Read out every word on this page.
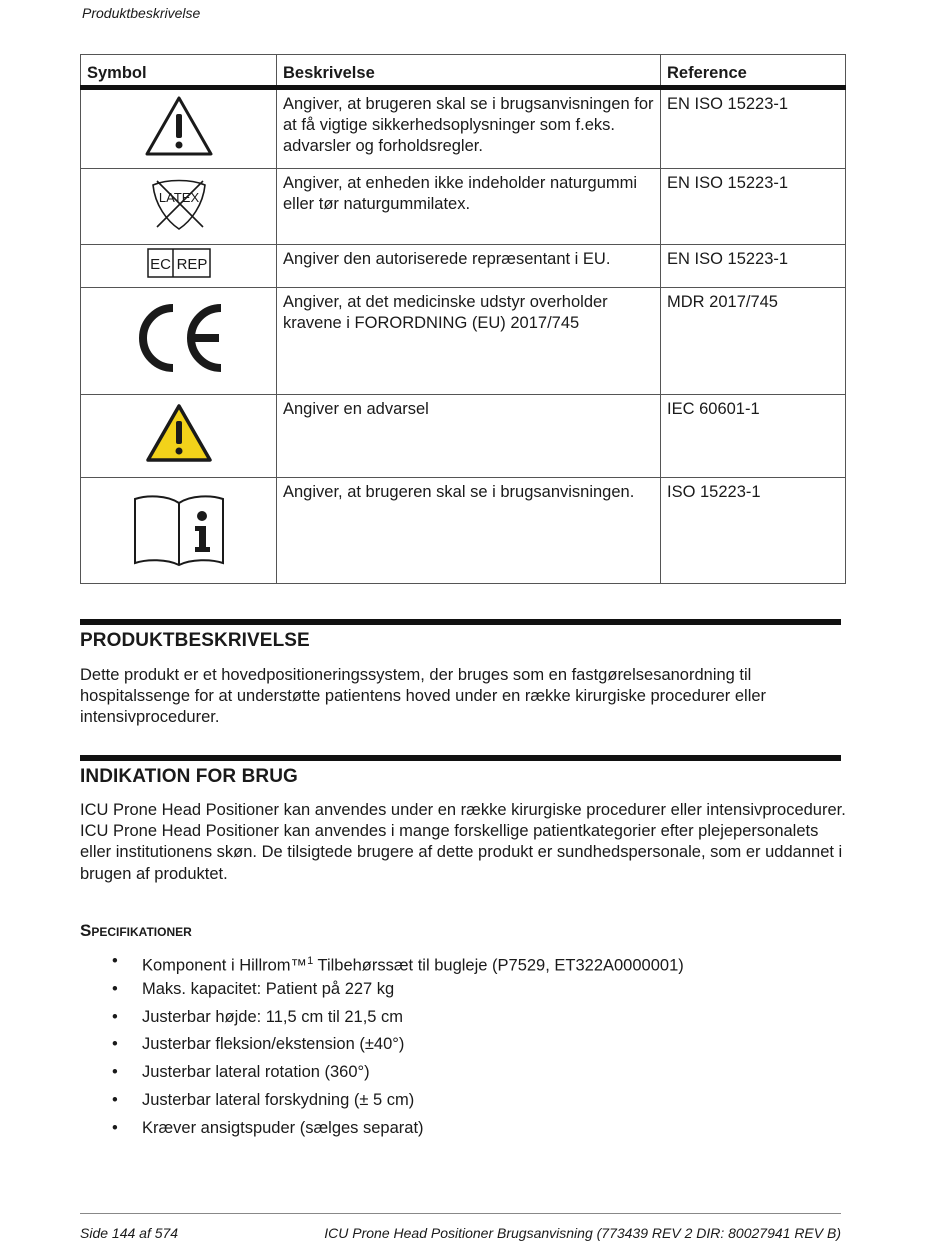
Produktbeskrivelse
Symbol	Beskrivelse	Reference
	Angiver, at brugeren skal se i brugsanvisningen for at få vigtige sikkerhedsoplysninger som f.eks. advarsler og forholdsregler.	EN ISO 15223-1

LATEX	Angiver, at enheden ikke indeholder naturgummi eller tør naturgummilatex.	EN ISO 15223-1

EC REP	Angiver den autoriserede repræsentant i EU.	EN ISO 15223-1
	Angiver, at det medicinske udstyr overholder kravene i FORORDNING (EU) 2017/745	MDR 2017/745
	Angiver en advarsel	IEC 60601-1
	Angiver, at brugeren skal se i brugsanvisningen.	ISO 15223-1
PRODUKTBESKRIVELSE
Dette produkt er et hovedpositioneringssystem, der bruges som en fastgørelsesanordning til hospitalssenge for at understøtte patientens hoved under en række kirurgiske procedurer eller intensivprocedurer.
INDIKATION FOR BRUG
ICU Prone Head Positioner kan anvendes under en række kirurgiske procedurer eller intensivprocedurer. ICU Prone Head Positioner kan anvendes i mange forskellige patientkategorier efter plejepersonalets eller institutionens skøn. De tilsigtede brugere af dette produkt er sundhedspersonale, som er uddannet i brugen af produktet.
Specifikationer
• Komponent i Hillrom™$^1$ Tilbehørssæt til bugleje (P7529, ET322A0000001)
• Maks. kapacitet: Patient på 227 kg
• Justerbar højde: 11,5 cm til 21,5 cm
• Justerbar fleksion/ekstension (±40°)
• Justerbar lateral rotation (360°)
• Justerbar lateral forskydning (± 5 cm)
• Kræver ansigtspuder (sælges separat)
Side 144 af 574	ICU Prone Head Positioner Brugsanvisning (773439 REV 2 DIR: 80027941 REV B)
